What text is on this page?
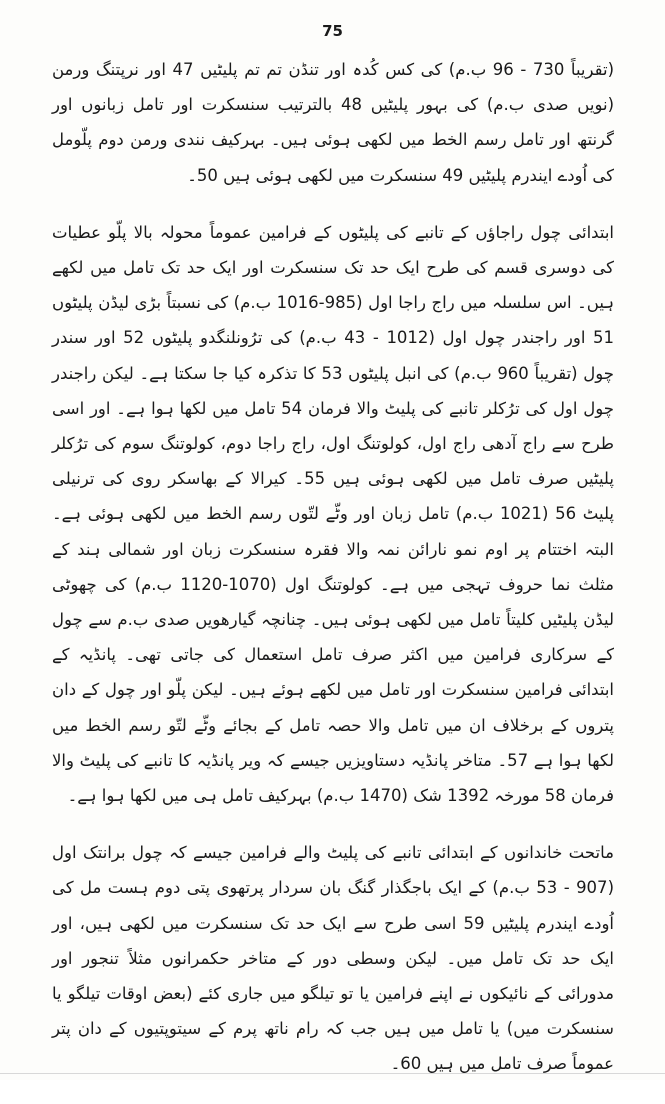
75

(تقریباً 730 - 96 ب.م) کی کس کُدہ اور تنڈن تم تم پلیٹیں 47 اور نرپتنگ ورمن (نویں صدی ب.م) کی بہور پلیٹیں 48 بالترتیب سنسکرت اور تامل زبانوں اور گرنتھ اور تامل رسم الخط میں لکھی ہوئی ہیں۔ بہرکیف نندی ورمن دوم پلّومل کی اُودے ایندرم پلیٹیں 49 سنسکرت میں لکھی ہوئی ہیں 50۔

ابتدائی چول راجاؤں کے تانبے کی پلیٹوں کے فرامین عموماً محولہ بالا پلّو عطیات کی دوسری قسم کی طرح ایک حد تک سنسکرت اور ایک حد تک تامل میں لکھے ہیں۔ اس سلسلہ میں راج راجا اول (985-1016 ب.م) کی نسبتاً بڑی لیڈن پلیٹوں 51 اور راجندر چول اول (1012 - 43 ب.م) کی ترُونلنگدو پلیٹوں 52 اور سندر چول (تقریباً 960 ب.م) کی انبل پلیٹوں 53 کا تذکرہ کیا جا سکتا ہے۔ لیکن راجندر چول اول کی ترُکلر تانبے کی پلیٹ والا فرمان 54 تامل میں لکھا ہوا ہے۔ اور اسی طرح سے راج آدھی راج اول، کولوتنگ اول، راج راجا دوم، کولوتنگ سوم کی ترُکلر پلیٹیں صرف تامل میں لکھی ہوئی ہیں 55۔ کیرالا کے بھاسکر روی کی ترنیلی پلیٹ 56 (1021 ب.م) تامل زبان اور وٹّے لتّوں رسم الخط میں لکھی ہوئی ہے۔ البتہ اختتام پر اوم نمو نارائن نمہ والا فقرہ سنسکرت زبان اور شمالی ہند کے مثلث نما حروف تہجی میں ہے۔ کولوتنگ اول (1070-1120 ب.م) کی چھوٹی لیڈن پلیٹیں کلیتاً تامل میں لکھی ہوئی ہیں۔ چنانچہ گیارھویں صدی ب.م سے چول کے سرکاری فرامین میں اکثر صرف تامل استعمال کی جاتی تھی۔ پانڈیہ کے ابتدائی فرامین سنسکرت اور تامل میں لکھے ہوئے ہیں۔ لیکن پلّو اور چول کے دان پتروں کے برخلاف ان میں تامل والا حصہ تامل کے بجائے وٹّے لتّو رسم الخط میں لکھا ہوا ہے 57۔ متاخر پانڈیہ دستاویزیں جیسے کہ ویر پانڈیہ کا تانبے کی پلیٹ والا فرمان 58 مورخہ 1392 شک (1470 ب.م) بہرکیف تامل ہی میں لکھا ہوا ہے۔

ماتحت خاندانوں کے ابتدائی تانبے کی پلیٹ والے فرامین جیسے کہ چول برانتک اول (907 - 53 ب.م) کے ایک باجگذار گنگ بان سردار پرتھوی پتی دوم ہست مل کی اُودے ایندرم پلیٹیں 59 اسی طرح سے ایک حد تک سنسکرت میں لکھی ہیں، اور ایک حد تک تامل میں۔ لیکن وسطی دور کے متاخر حکمرانوں مثلاً تنجور اور مدورائی کے نائیکوں نے اپنے فرامین یا تو تیلگو میں جاری کئے (بعض اوقات تیلگو یا سنسکرت میں) یا تامل میں ہیں جب کہ رام ناتھ پرم کے سیتوپتیوں کے دان پتر عموماً صرف تامل میں ہیں 60۔
